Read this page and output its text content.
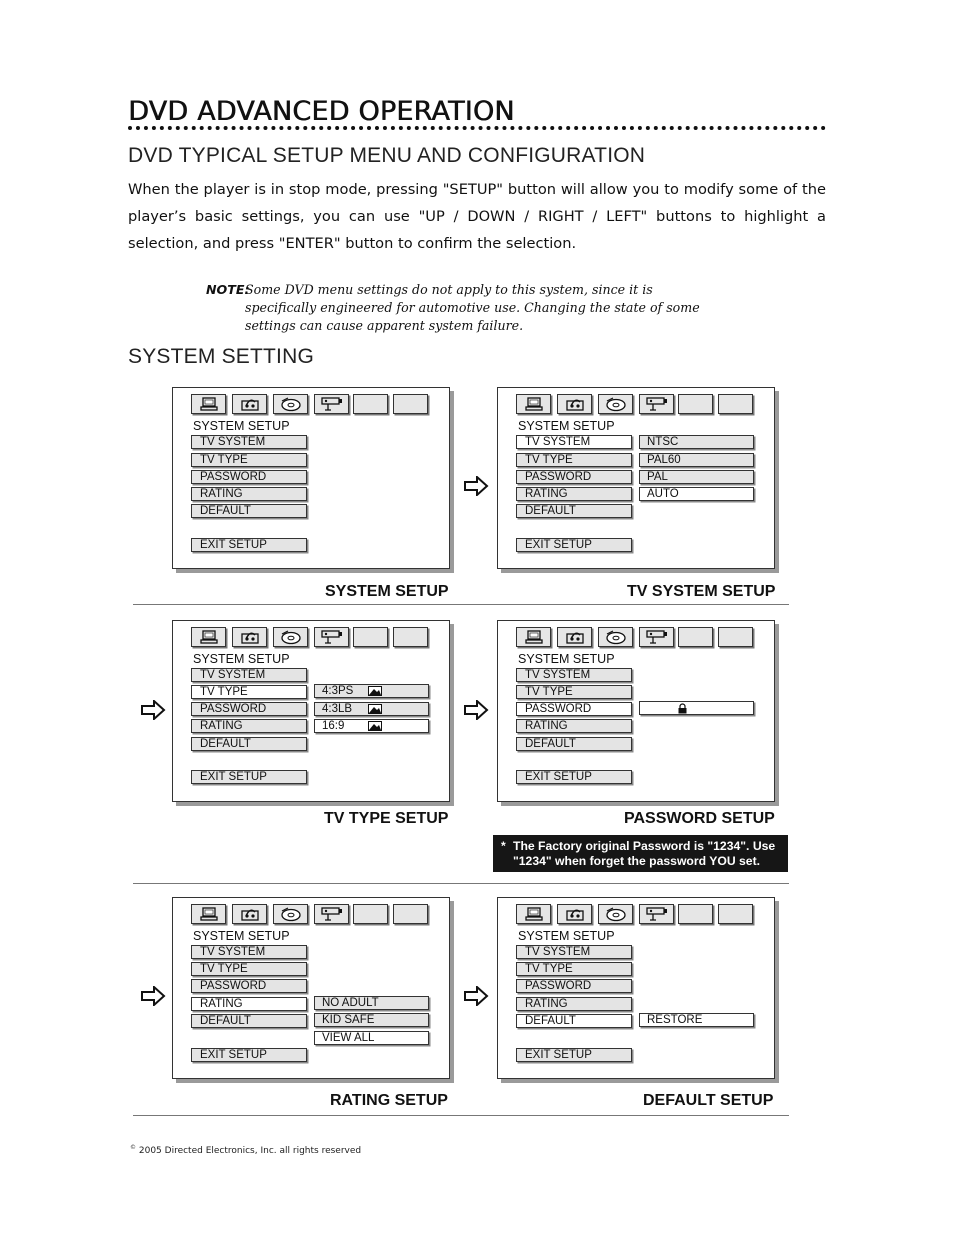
DVD ADVANCED OPERATION
DVD TYPICAL SETUP MENU AND CONFIGURATION

When the player is in stop mode, pressing "SETUP" button will allow you to modify some of the player’s basic settings, you can use "UP / DOWN / RIGHT / LEFT" buttons to highlight a selection, and press "ENTER" button to confirm the selection.

NOTE:
Some DVD menu settings do not apply to this system, since it is specifically engineered for automotive use. Changing the state of some settings can cause apparent system failure.

SYSTEM SETTING
SYSTEM SETUP
TV SYSTEM
TV TYPE
PASSWORD
RATING
DEFAULT
EXIT SETUP
SYSTEM SETUP
TV SYSTEM
TV TYPE
PASSWORD
RATING
DEFAULT
EXIT SETUP
NTSC
PAL60
PAL
AUTO
SYSTEM SETUP	TV SYSTEM SETUP
SYSTEM SETUP
TV SYSTEM
TV TYPE
PASSWORD
RATING
DEFAULT
EXIT SETUP
4:3PS
4:3LB
16:9
SYSTEM SETUP
TV SYSTEM
TV TYPE
PASSWORD
RATING
DEFAULT
EXIT SETUP
TV TYPE SETUP	PASSWORD SETUP
* The Factory original Password is "1234". Use "1234" when forget the password YOU set.
SYSTEM SETUP
TV SYSTEM
TV TYPE
PASSWORD
RATING
DEFAULT
EXIT SETUP
NO ADULT
KID SAFE
VIEW ALL
SYSTEM SETUP
TV SYSTEM
TV TYPE
PASSWORD
RATING
DEFAULT
EXIT SETUP
RESTORE
RATING SETUP	DEFAULT SETUP
© 2005 Directed Electronics, Inc. all rights reserved
